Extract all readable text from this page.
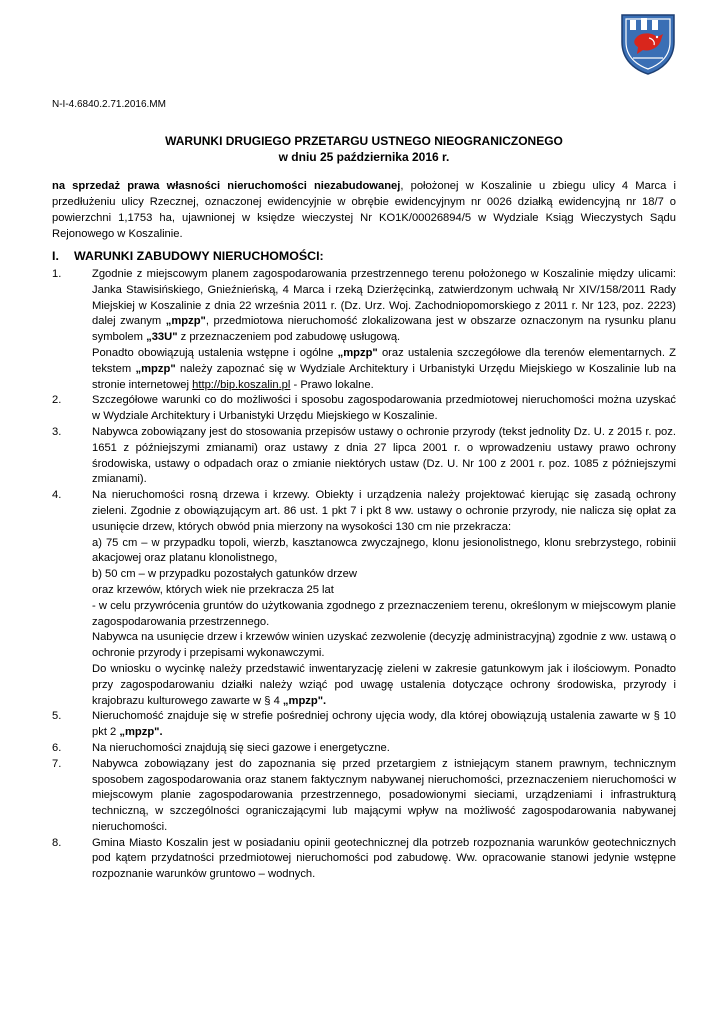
N-I-4.6840.2.71.2016.MM
WARUNKI DRUGIEGO PRZETARGU USTNEGO NIEOGRANICZONEGO
w dniu 25 października 2016 r.
na sprzedaż prawa własności nieruchomości niezabudowanej, położonej w Koszalinie u zbiegu ulicy 4 Marca i przedłużeniu ulicy Rzecznej, oznaczonej ewidencyjnie w obrębie ewidencyjnym nr 0026 działką ewidencyjną nr 18/7 o powierzchni 1,1753 ha, ujawnionej w księdze wieczystej Nr KO1K/00026894/5 w Wydziale Ksiąg Wieczystych Sądu Rejonowego w Koszalinie.
I. WARUNKI ZABUDOWY NIERUCHOMOŚCI:
1.	Zgodnie z miejscowym planem zagospodarowania przestrzennego terenu położonego w Koszalinie między ulicami: Janka Stawisińskiego, Gnieźnieńską, 4 Marca i rzeką Dzierżęcinką, zatwierdzonym uchwałą Nr XIV/158/2011 Rady Miejskiej w Koszalinie z dnia 22 września 2011 r. (Dz. Urz. Woj. Zachodniopomorskiego z 2011 r. Nr 123, poz. 2223) dalej zwanym „mpzp", przedmiotowa nieruchomość zlokalizowana jest w obszarze oznaczonym na rysunku planu symbolem „33U" z przeznaczeniem pod zabudowę usługową.
Ponadto obowiązują ustalenia wstępne i ogólne „mpzp" oraz ustalenia szczegółowe dla terenów elementarnych. Z tekstem „mpzp" należy zapoznać się w Wydziale Architektury i Urbanistyki Urzędu Miejskiego w Koszalinie lub na stronie internetowej http://bip.koszalin.pl - Prawo lokalne.
2.	Szczegółowe warunki co do możliwości i sposobu zagospodarowania przedmiotowej nieruchomości można uzyskać w Wydziale Architektury i Urbanistyki Urzędu Miejskiego w Koszalinie.
3.	Nabywca zobowiązany jest do stosowania przepisów ustawy o ochronie przyrody (tekst jednolity Dz. U. z 2015 r. poz. 1651 z późniejszymi zmianami) oraz ustawy z dnia 27 lipca 2001 r. o wprowadzeniu ustawy prawo ochrony środowiska, ustawy o odpadach oraz o zmianie niektórych ustaw (Dz. U. Nr 100 z 2001 r. poz. 1085 z późniejszymi zmianami).
4.	Na nieruchomości rosną drzewa i krzewy. Obiekty i urządzenia należy projektować kierując się zasadą ochrony zieleni. Zgodnie z obowiązującym art. 86 ust. 1 pkt 7 i pkt 8 ww. ustawy o ochronie przyrody, nie nalicza się opłat za usunięcie drzew, których obwód pnia mierzony na wysokości 130 cm nie przekracza:
a) 75 cm – w przypadku topoli, wierzb, kasztanowca zwyczajnego, klonu jesionolistnego, klonu srebrzystego, robinii akacjowej oraz platanu klonolistnego,
b) 50 cm – w przypadku pozostałych gatunków drzew
oraz krzewów, których wiek nie przekracza 25 lat
- w celu przywrócenia gruntów do użytkowania zgodnego z przeznaczeniem terenu, określonym w miejscowym planie zagospodarowania przestrzennego.
Nabywca na usunięcie drzew i krzewów winien uzyskać zezwolenie (decyzję administracyjną) zgodnie z ww. ustawą o ochronie przyrody i przepisami wykonawczymi.
Do wniosku o wycinkę należy przedstawić inwentaryzację zieleni w zakresie gatunkowym jak i ilościowym. Ponadto przy zagospodarowaniu działki należy wziąć pod uwagę ustalenia dotyczące ochrony środowiska, przyrody i krajobrazu kulturowego zawarte w § 4 „mpzp".
5.	Nieruchomość znajduje się w strefie pośredniej ochrony ujęcia wody, dla której obowiązują ustalenia zawarte w § 10 pkt 2 „mpzp".
6.	Na nieruchomości znajdują się sieci gazowe i energetyczne.
7.	Nabywca zobowiązany jest do zapoznania się przed przetargiem z istniejącym stanem prawnym, technicznym sposobem zagospodarowania oraz stanem faktycznym nabywanej nieruchomości, przeznaczeniem nieruchomości w miejscowym planie zagospodarowania przestrzennego, posadowionymi sieciami, urządzeniami i infrastrukturą techniczną, w szczególności ograniczającymi lub mającymi wpływ na możliwość zagospodarowania nabywanej nieruchomości.
8.	Gmina Miasto Koszalin jest w posiadaniu opinii geotechnicznej dla potrzeb rozpoznania warunków geotechnicznych pod kątem przydatności przedmiotowej nieruchomości pod zabudowę. Ww. opracowanie stanowi jedynie wstępne rozpoznanie warunków gruntowo – wodnych.
